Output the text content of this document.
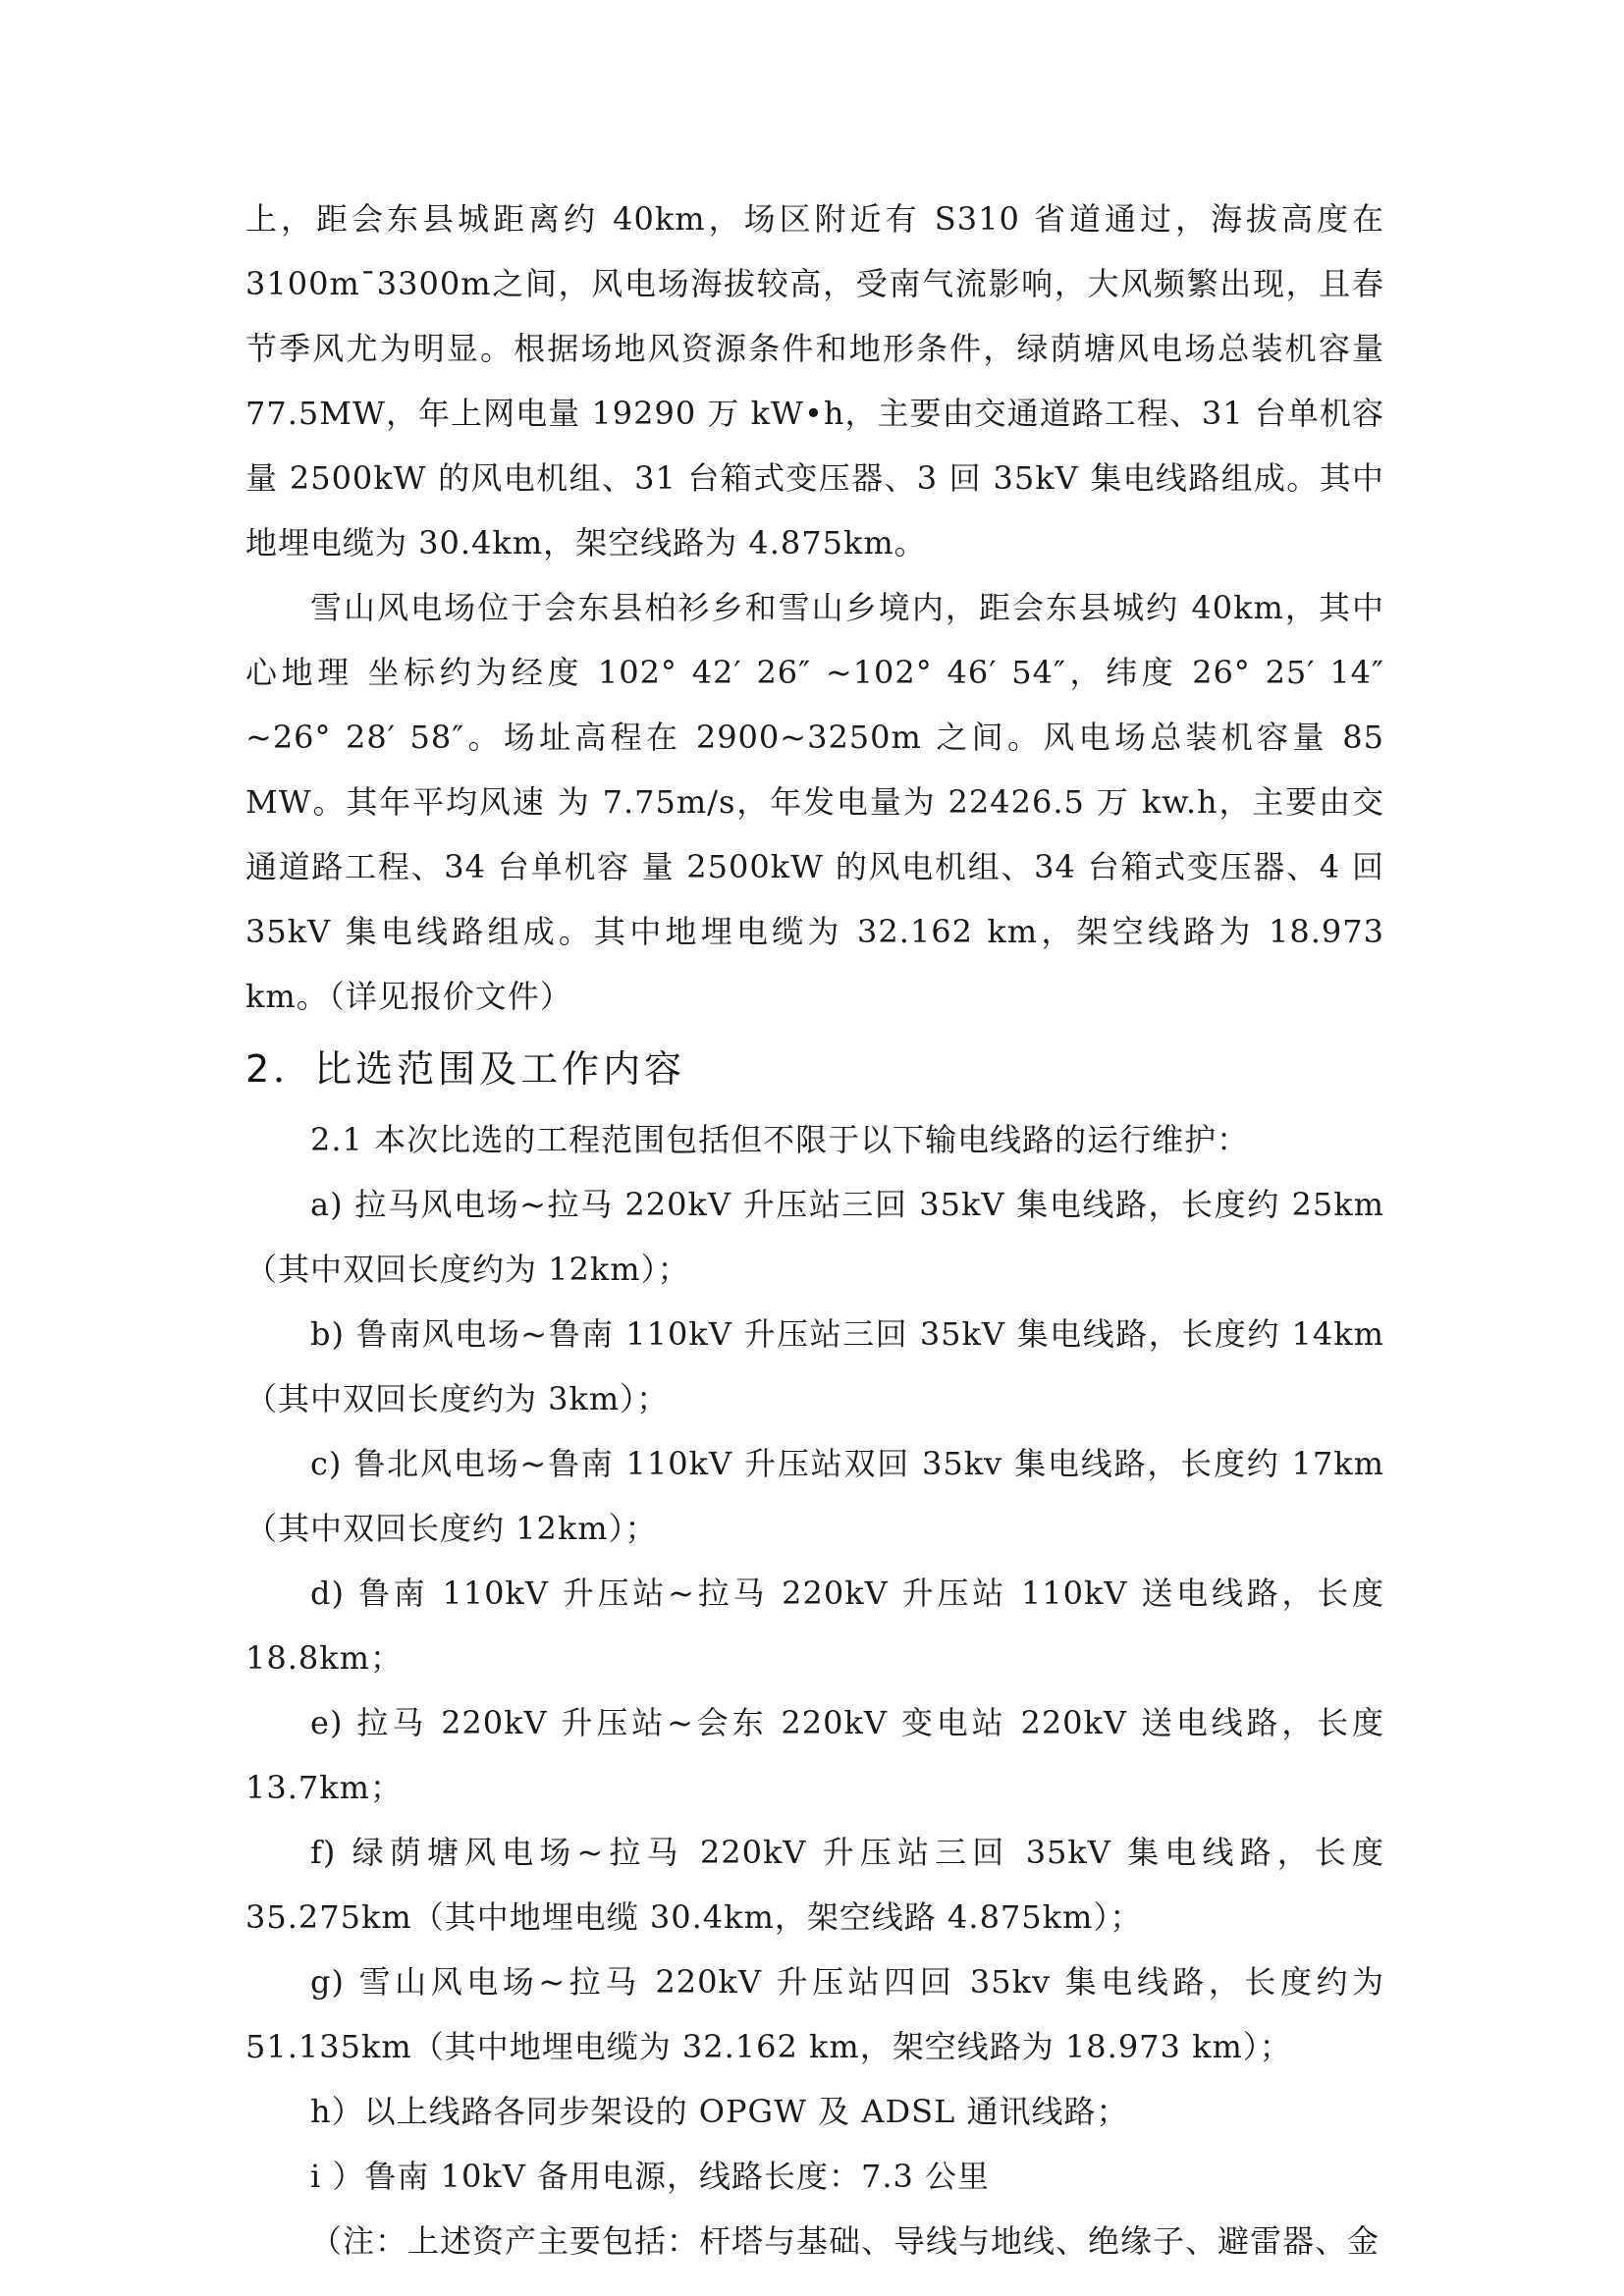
上，距会东县城距离约 40km，场区附近有 S310 省道通过，海拔高度在3100m¯3300m之间，风电场海拔较高，受南气流影响，大风频繁出现，且春节季风尤为明显。根据场地风资源条件和地形条件，绿荫塘风电场总装机容量 77.5MW，年上网电量 19290 万 kW•h，主要由交通道路工程、31 台单机容量 2500kW 的风电机组、31 台箱式变压器、3 回 35kV 集电线路组成。其中地埋电缆为 30.4km，架空线路为 4.875km。

雪山风电场位于会东县柏衫乡和雪山乡境内，距会东县城约 40km，其中心地理 坐标约为经度 102° 42′ 26″ ~102° 46′ 54″，纬度 26° 25′ 14″ ~26° 28′ 58″。场址高程在 2900~3250m 之间。风电场总装机容量 85 MW。其年平均风速 为 7.75m/s，年发电量为 22426.5 万 kw.h，主要由交通道路工程、34 台单机容 量 2500kW 的风电机组、34 台箱式变压器、4 回 35kV 集电线路组成。其中地埋电缆为 32.162 km，架空线路为 18.973 km。（详见报价文件）

2．比选范围及工作内容

2.1 本次比选的工程范围包括但不限于以下输电线路的运行维护：

a) 拉马风电场~拉马 220kV 升压站三回 35kV 集电线路，长度约 25km（其中双回长度约为 12km）；

b) 鲁南风电场~鲁南 110kV 升压站三回 35kV 集电线路，长度约 14km（其中双回长度约为 3km）；

c) 鲁北风电场~鲁南 110kV 升压站双回 35kv 集电线路，长度约 17km（其中双回长度约 12km）；

d) 鲁南 110kV 升压站~拉马 220kV 升压站 110kV 送电线路，长度 18.8km；

e) 拉马 220kV 升压站~会东 220kV 变电站 220kV 送电线路，长度 13.7km；

f) 绿荫塘风电场~拉马 220kV 升压站三回 35kV 集电线路，长度 35.275km（其中地埋电缆 30.4km，架空线路 4.875km）；

g) 雪山风电场~拉马 220kV 升压站四回 35kv 集电线路，长度约为 51.135km（其中地埋电缆为 32.162 km，架空线路为 18.973 km）；

h）以上线路各同步架设的 OPGW 及 ADSL 通讯线路；

i ）鲁南 10kV 备用电源，线路长度：7.3 公里

（注：上述资产主要包括：杆塔与基础、导线与地线、绝缘子、避雷器、金
